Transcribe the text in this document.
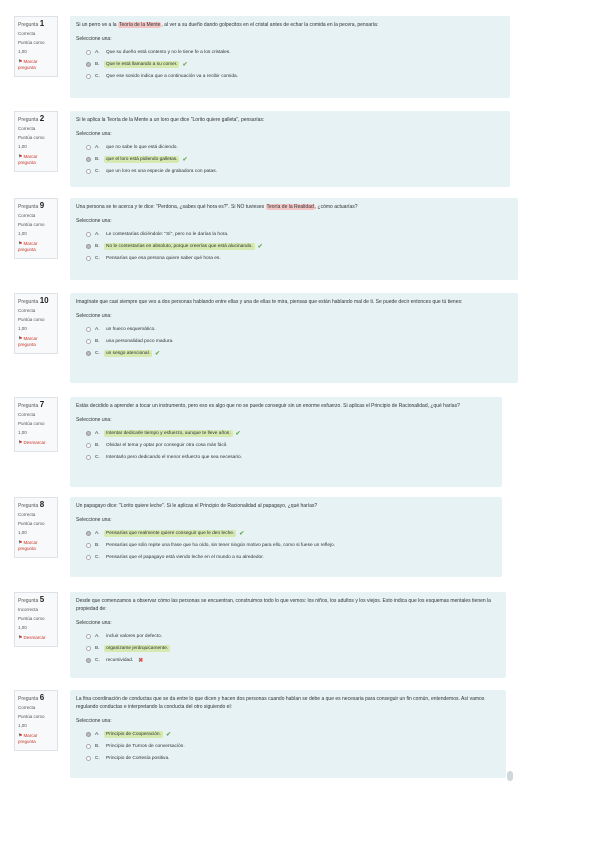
Pregunta 1
Correcta
Puntúa como 1,00
⚑Marcar pregunta
Si un perro ve a la Teoría de la Mente, al ver a su dueño dando golpecitos en el cristal antes de echar la comida en la pecera, pensaría:
Seleccione una:
A.	Que su dueño está contento y no le tiene fe a los cristales.
B.	Que le está llamando a su comer. ✔
C.	Que ese sonido indica que a continuación va a recibir comida.
Pregunta 2
Correcta
Puntúa como 1,00
⚑Marcar pregunta
Si le aplica la Teoría de la Mente a un loro que dice "Lorito quiere galleta", pensarías:
Seleccione una:
A.	que no sabe lo que está diciendo.
B.	que el loro está pidiendo galletas. ✔
C.	que un loro es una especie de grabadora con patas.
Pregunta 9
Correcta
Puntúa como 1,00
⚑Marcar pregunta
Una persona se te acerca y te dice: "Perdona, ¿sabes qué hora es?". Si NO tuvieses Teoría de la Realidad, ¿cómo actuarías?
Seleccione una:
A.	Le contestarías diciéndole: "Sí", pero no le darías la hora.
B.	No le contestarías en absoluto, porque creerías que está alucinando. ✔
C.	Pensarías que esa persona quiere saber qué hora es.
Pregunta 10
Correcta
Puntúa como 1,00
⚑Marcar pregunta
Imagínate que casi siempre que ves a dos personas hablando entre ellas y una de ellas te mira, piensas que están hablando mal de ti. Se puede decir entonces que tú tienes:
Seleccione una:
A.	un hueco esquemático.
B.	una personalidad poco madura.
C.	un sesgo atencional. ✔
Pregunta 7
Correcta
Puntúa como 1,00
⚑Desmarcar
Estás decidido a aprender a tocar un instrumento, pero eso es algo que no se puede conseguir sin un enorme esfuerzo. Si aplicas el Principio de Racionalidad, ¿qué harías?
Seleccione una:
A.	Intentar dedicarle tiempo y esfuerzo, aunque te lleve años. ✔
B.	Olvidar el tema y optar por conseguir otra cosa más fácil.
C.	Intentarlo pero dedicando el menor esfuerzo que sea necesario.
Pregunta 8
Correcta
Puntúa como 1,00
⚑Marcar pregunta
Un papagayo dice: "Lorito quiere leche". Si le aplicas el Principio de Racionalidad al papagayo, ¿qué harías?
Seleccione una:
A.	Pensarías que realmente quiere conseguir que le den leche. ✔
B.	Pensarías que sólo repite una frase que ha oído, sin tener ningún motivo para ello, como si fuese un reflejo.
C.	Pensarías que el papagayo está viendo leche en el mundo a su alrededor.
Pregunta 5
Incorrecta
Puntúa como 1,00
⚑Desmarcar
Desde que comenzamos a observar cómo las personas se encuentran, construimos todo lo que vemos: los niños, los adultos y los viejos. Esto indica que los esquemas mentales tienen la propiedad de:
Seleccione una:
A.	incluir valores por defecto.
B.	organizarse jerárquicamente.
C.	recursividad. ✖
Pregunta 6
Correcta
Puntúa como 1,00
⚑Marcar pregunta
La fina coordinación de conductas que se da entre lo que dicen y hacen dos personas cuando hablan se debe a que es necesaria para conseguir un fin común, entendemos. Así vamos regulando conductas e interpretando la conducta del otro siguiendo el:
Seleccione una:
A.	Principio de Cooperación. ✔
B.	Principio de Turnos de conversación.
C.	Principio de Cortesía positiva.
